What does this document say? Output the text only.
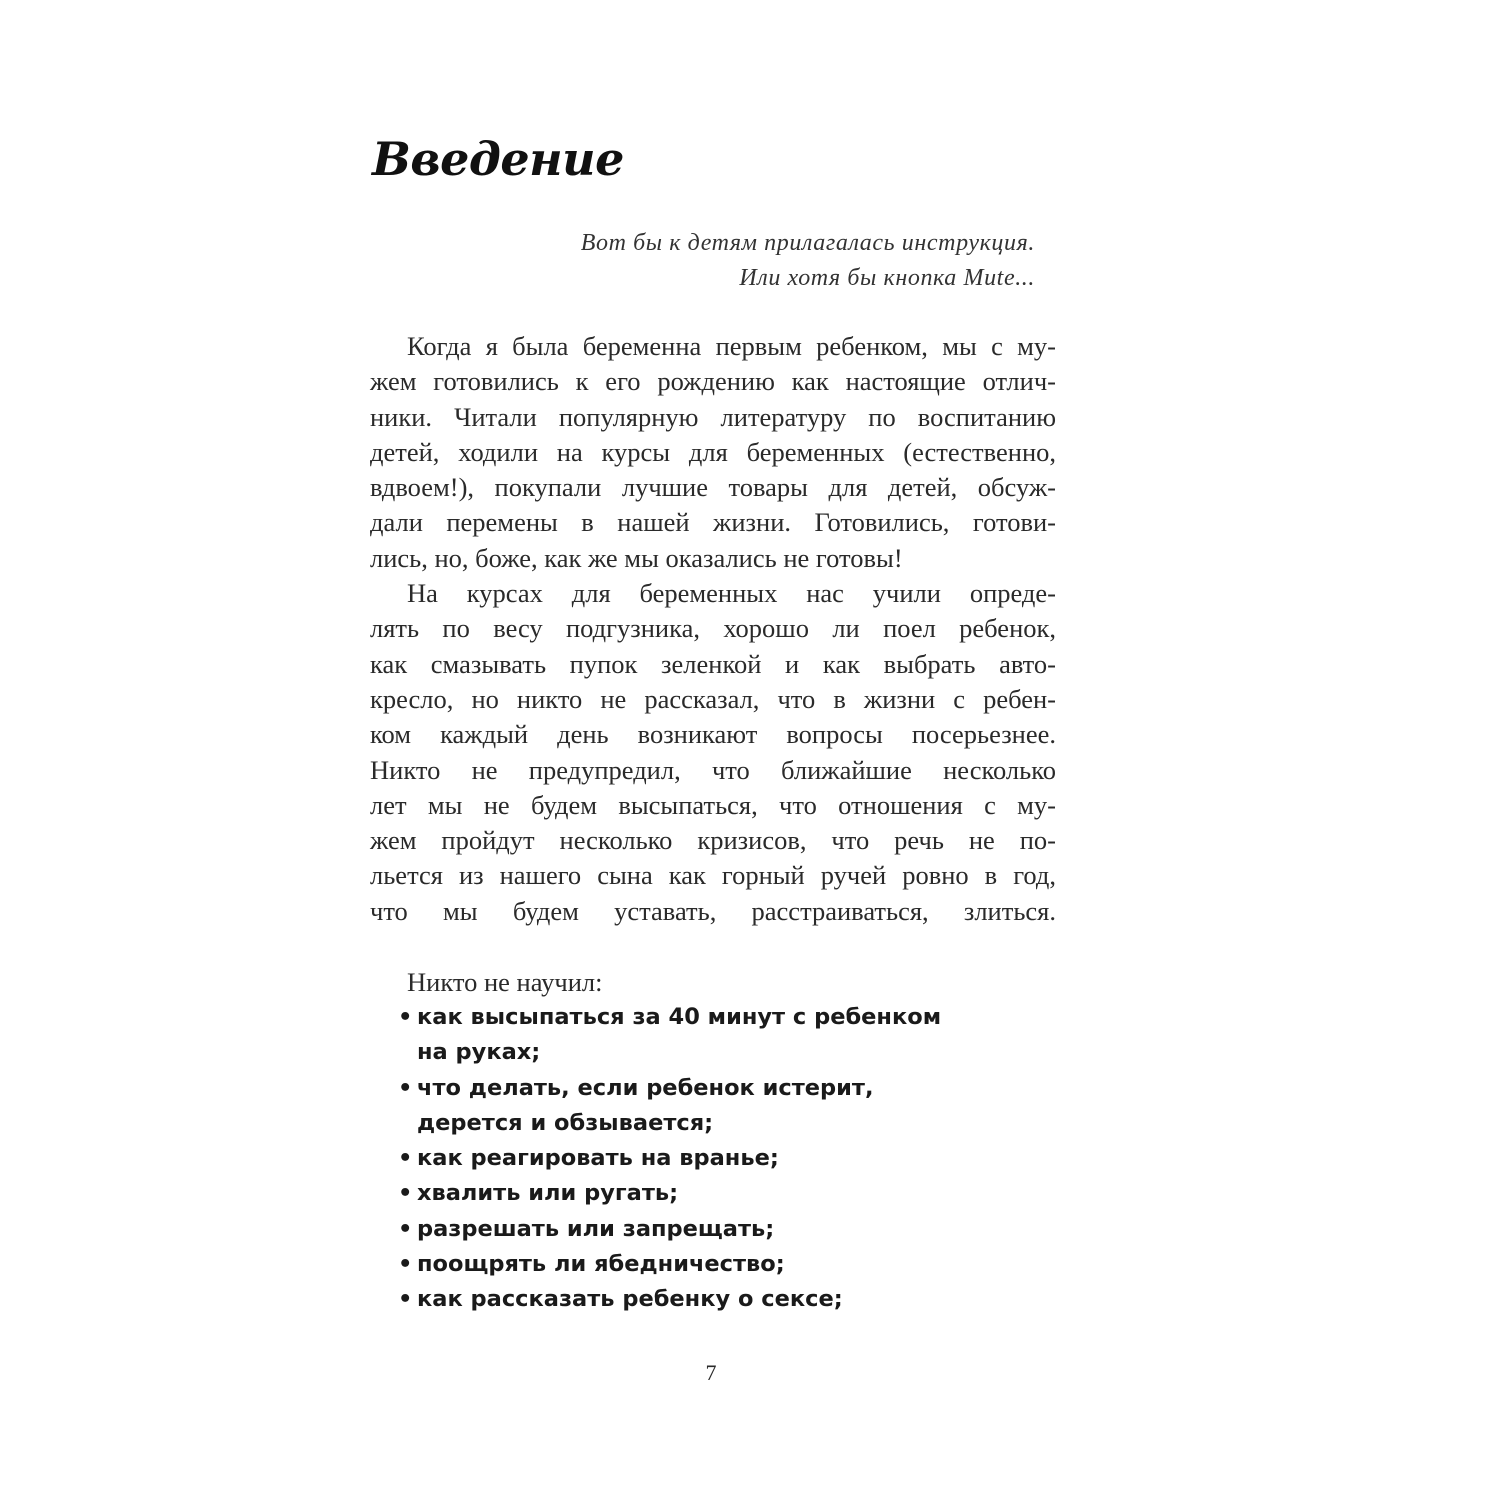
Введение
Вот бы к детям прилагалась инструкция.
Или хотя бы кнопка Mute...
Когда я была беременна первым ребенком, мы с му-
жем готовились к его рождению как настоящие отлич-
ники. Читали популярную литературу по воспитанию
детей, ходили на курсы для беременных (естественно,
вдвоем!), покупали лучшие товары для детей, обсуж-
дали перемены в нашей жизни. Готовились, готови-
лись, но, боже, как же мы оказались не готовы!
На курсах для беременных нас учили опреде-
лять по весу подгузника, хорошо ли поел ребенок,
как смазывать пупок зеленкой и как выбрать авто-
кресло, но никто не рассказал, что в жизни с ребен-
ком каждый день возникают вопросы посерьезнее.
Никто не предупредил, что ближайшие несколько
лет мы не будем высыпаться, что отношения с му-
жем пройдут несколько кризисов, что речь не по-
льется из нашего сына как горный ручей ровно в год,
что мы будем уставать, расстраиваться, злиться.
Никто не научил:
• как высыпаться за 40 минут с ребенком
на руках;
• что делать, если ребенок истерит,
дерется и обзывается;
• как реагировать на вранье;
• хвалить или ругать;
• разрешать или запрещать;
• поощрять ли ябедничество;
• как рассказать ребенку о сексе;
7
